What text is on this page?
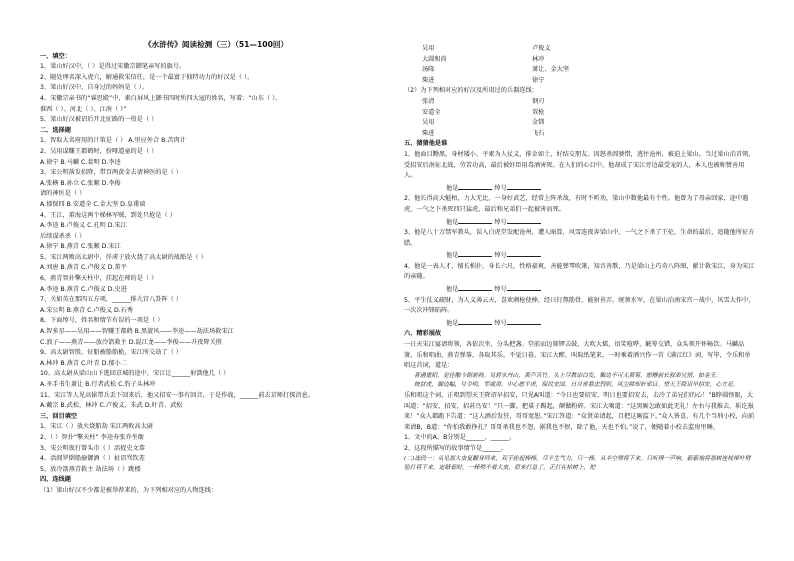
《水浒传》阅读检测（三）（51—100回）
一、填空：
1、梁山好汉中，（ ）是得过宋徽宗御笔亲写的旗号。
2、随处埋名深入虎穴，解通救宋信任，是一个最富于独特功力的好汉是（ ）。
3、梁山好汉中，自身过的妈妈是（ ）。
4、宋徽宗亲书的“睿思殿”中，素白屏风上御书四时所四大寇的姓名，写着：“山东（ ）、
淮西（ ）、河北（ ）、江南（ ）”
5、梁山好汉被诏后开北征路的一役是（ ）
二、选择题
1、智取大名府用的计策是（ ） A.里应外合 B.苦肉计
2、吴用谋赚王都鹤时，扮哑道童的是（ ）
A.徐宁 B.马麟 C.裴明 D.李逵
3、宋公明落发招降，带百两黄金去请神医的是（ ）
A.张横 B.孙立 C.张顺 D.李俊
请的神医是（ ）
A.郁保四 B.安道全 C.金大坚 D.皇甫端
4、王江，董海这两个梯林军贼，到处只抢是（ ）
A.李逵 B.卢俊义 C.孔明 D.宋江
后续谋杀杀（ ）
A.徐宁 B.燕青 C.张顺 D.宋江
5、宋江两败高太尉中，俘虏于放火烧了高太尉的战船是（ ）
A.刘唐 B.燕青 C.卢俊义 D.董平
6、燕青智扑擎天柱中，挂起在师的是（ ）
A.李逵 B.燕青 C.卢俊义 D.史进
7、关如英在那四五方项，______排九宫八卦阵（ ）
A.宋公明 B.燕青 C.卢俊义 D.石秀
8、下面绰号，姓名和情节有误的一项是（ ）
A.智多星——吴用——智赚王都鹤 B.黑旋风——李逵——劫法场救宋江
C.浪子——燕青——放冷箭救主 D.混江龙——李俊——升夜降关胜
9、高太尉智胜，征船被船船桅，宋江所交劫了（ ）
A.林冲 B.燕青 C.叶青 D.郁小二
10、高太尉从梁山山下逃回京城的途中，宋江让______射箭他几（ ）
A.圣手书生萧让 B.行者武松 C.豹子头林冲
11、宋江等人见高俅带兵丢下回来后，他又招安一事有回音，于是作战，______前去京师打探消息。
A.戴宗 B.武松、林冲 C.卢俊义、朱武 D.叶青、武松
三、回目填空
1、宋江（ ）放火烧船劫 宋江两败高太尉
2、（ ）智扑“擎天柱” 李逵寿张乔坐衙
3、宋公明夜打曾头市（ ）活捉史文恭
4、活阎罗倒船偷御酒（ ）扯诏骂钦差
5、放冷箭燕青救主 劫法场（ ）跳楼
四、连线题
（1）梁山好汉不少都是被举荐来的，为下列相对应的人物连线：
吴用	卢俊义
大圆和尚	林冲
汤隆	萧让、金大坚
柴进	徐宁
（2）为下列相对应的好汉及所用过的兵器连线：
张清	钢刃
安道全	双枪
吴用	金钏
柴进	飞石
五、猜猜他是谁
1、他面目黝黑，身材矮小，平素为人仗义，排金如土，好结交朋友。因怒杀阎婆惜，逃往沧州，被迫上梁山。当过梁山泊首领，受招安后南征北战，劳苦功高，最后被奸臣用毒酒害死。在人们的心目中，他却成了宋江旁边最受宠的人，本人也被称赞善用人。
他是	绰号
2、他长得高大魁梧，力大无比，一身好武艺，经常上阵杀敌，有时不听劝，梁山中数他最有个性。他曾为了母亲回家，途中遇虎，一气之下杀死四只猛虎，最后和兄弟们一起被害而死。
他是	绰号
3、他是八十万禁军教头，误入白虎堂发配沧州，遭人暗算，风雪连夜奔梁山中，一气之下杀了王伦，生命的最后，追随他所征方腊。
他是	绰号
4、他是一表人才，擅长相扑，身长六尺，性格豪爽，善能弹琴吹箫，知音善歌，乃是梁山上巧奇八阵图，献计救宋江，身为宋江的亲随。
他是	绰号
5、平生仗义疏财，为人义薄云天，喜欢刺枪使棒，经日打熬筋骨，能射善弄，统领水军，在梁山泊南宋宫一战中，风雪大作中，一次次冲锋陷阵。
他是	绰号
六、精彩展故
一日天宋江宴请将领，各依次坐，分头把盏。堂前而边筛锣击鼓，大吹大擂，语笑喧哗，觥筹交错，众头领开怀畅饮。马麟品箫，乐和唱曲，燕青弹筝，各取其乐，不觉日暮。宋江大醉，叫取纸笔来，一时乘着酒兴作一首《满江红》词，写毕，令乐和单唱这首词，道是：
喜遇重阳，更佳酿今朝新熟。见碧水丹山，黄芦苦竹。头上尽教添白发，鬓边不可无黄菊。愿樽前长叙弟兄情，如金玉。
统豺虎，御边幅，号令明，军威肃。中心愿平虏，保民安国。日月常悬忠烈胆，风尘障却奸邪目。望天王降诏早招安，心方足。
乐和唱这个词，正唱到望天王降诏早招安，只见A叫道：“今日也要招安，明日也要招安去，去冷了弟兄们的心！”B睁圆怪眼，大叫道：“招安，招安，招甚鸟安！”只一脚，把桌子踢起，颠做粉碎。宋江大喝道：“这黑厮怎敢如此无礼！左右与我推去，斩讫报来！”众人都跪下告道：“这人酒后发狂，哥哥宽恕。”宋江答道：“众贤弟请起，且把这厮监下。”众人皆喜，有几个当刑小校，向前来请B，B道：“你怕我敢挣扎？哥哥杀我也不怨，剐我也不恨，除了他，天也不怕。”说了，便随着小校去监房里睡。
1、文中的A、B分别是______、______。
2、这段所描写的故事情节是______。
(二)选段一：从见那大虫复翻身回来，双手抡起棒棒，尽平生气力，只一棒，从半空劈将下来。只听得一声响，簌簌地将那树连枝带叶劈脸打将下来。定睛看时，一棒劈不着大虫，原来打急了，正打在枯树上，把
